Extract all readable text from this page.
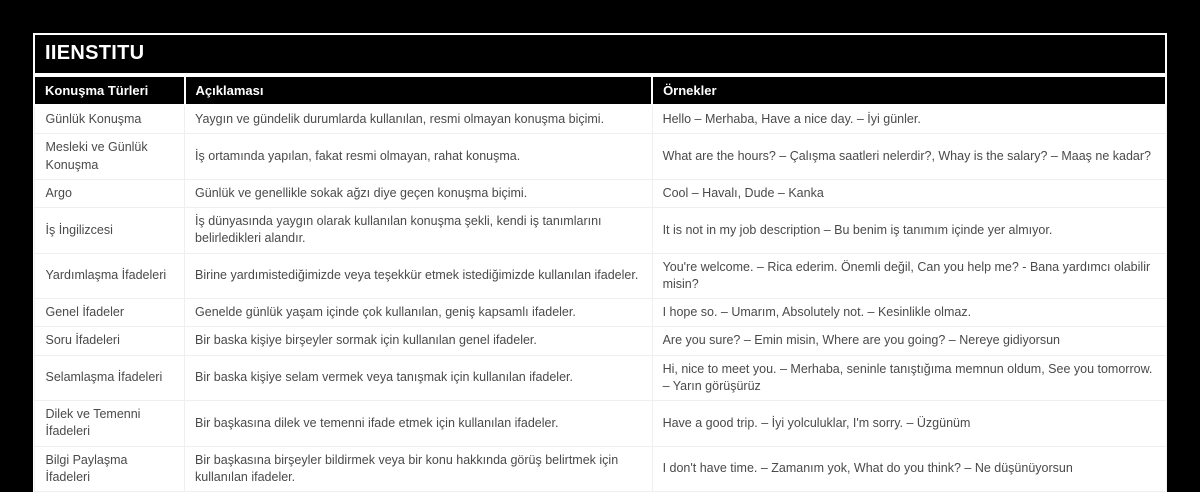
IIENSTITU
Konuşma Türleri	Açıklaması	Örnekler
Günlük Konuşma	Yaygın ve gündelik durumlarda kullanılan, resmi olmayan konuşma biçimi.	Hello – Merhaba, Have a nice day. – İyi günler.
Mesleki ve Günlük Konuşma	İş ortamında yapılan, fakat resmi olmayan, rahat konuşma.	What are the hours? – Çalışma saatleri nelerdir?, Whay is the salary? – Maaş ne kadar?
Argo	Günlük ve genellikle sokak ağzı diye geçen konuşma biçimi.	Cool – Havalı, Dude – Kanka
İş İngilizcesi	İş dünyasında yaygın olarak kullanılan konuşma şekli, kendi iş tanımlarını belirledikleri alandır.	It is not in my job description – Bu benim iş tanımım içinde yer almıyor.
Yardımlaşma İfadeleri	Birine yardımistediğimizde veya teşekkür etmek istediğimizde kullanılan ifadeler.	You're welcome. – Rica ederim. Önemli değil, Can you help me? - Bana yardımcı olabilir misin?
Genel İfadeler	Genelde günlük yaşam içinde çok kullanılan, geniş kapsamlı ifadeler.	I hope so. – Umarım, Absolutely not. – Kesinlikle olmaz.
Soru İfadeleri	Bir baska kişiye birşeyler sormak için kullanılan genel ifadeler.	Are you sure? – Emin misin, Where are you going? – Nereye gidiyorsun
Selamlaşma İfadeleri	Bir baska kişiye selam vermek veya tanışmak için kullanılan ifadeler.	Hi, nice to meet you. – Merhaba, seninle tanıştığıma memnun oldum, See you tomorrow. – Yarın görüşürüz
Dilek ve Temenni İfadeleri	Bir başkasına dilek ve temenni ifade etmek için kullanılan ifadeler.	Have a good trip. – İyi yolculuklar, I'm sorry. – Üzgünüm
Bilgi Paylaşma İfadeleri	Bir başkasına birşeyler bildirmek veya bir konu hakkında görüş belirtmek için kullanılan ifadeler.	I don't have time. – Zamanım yok, What do you think? – Ne düşünüyorsun
